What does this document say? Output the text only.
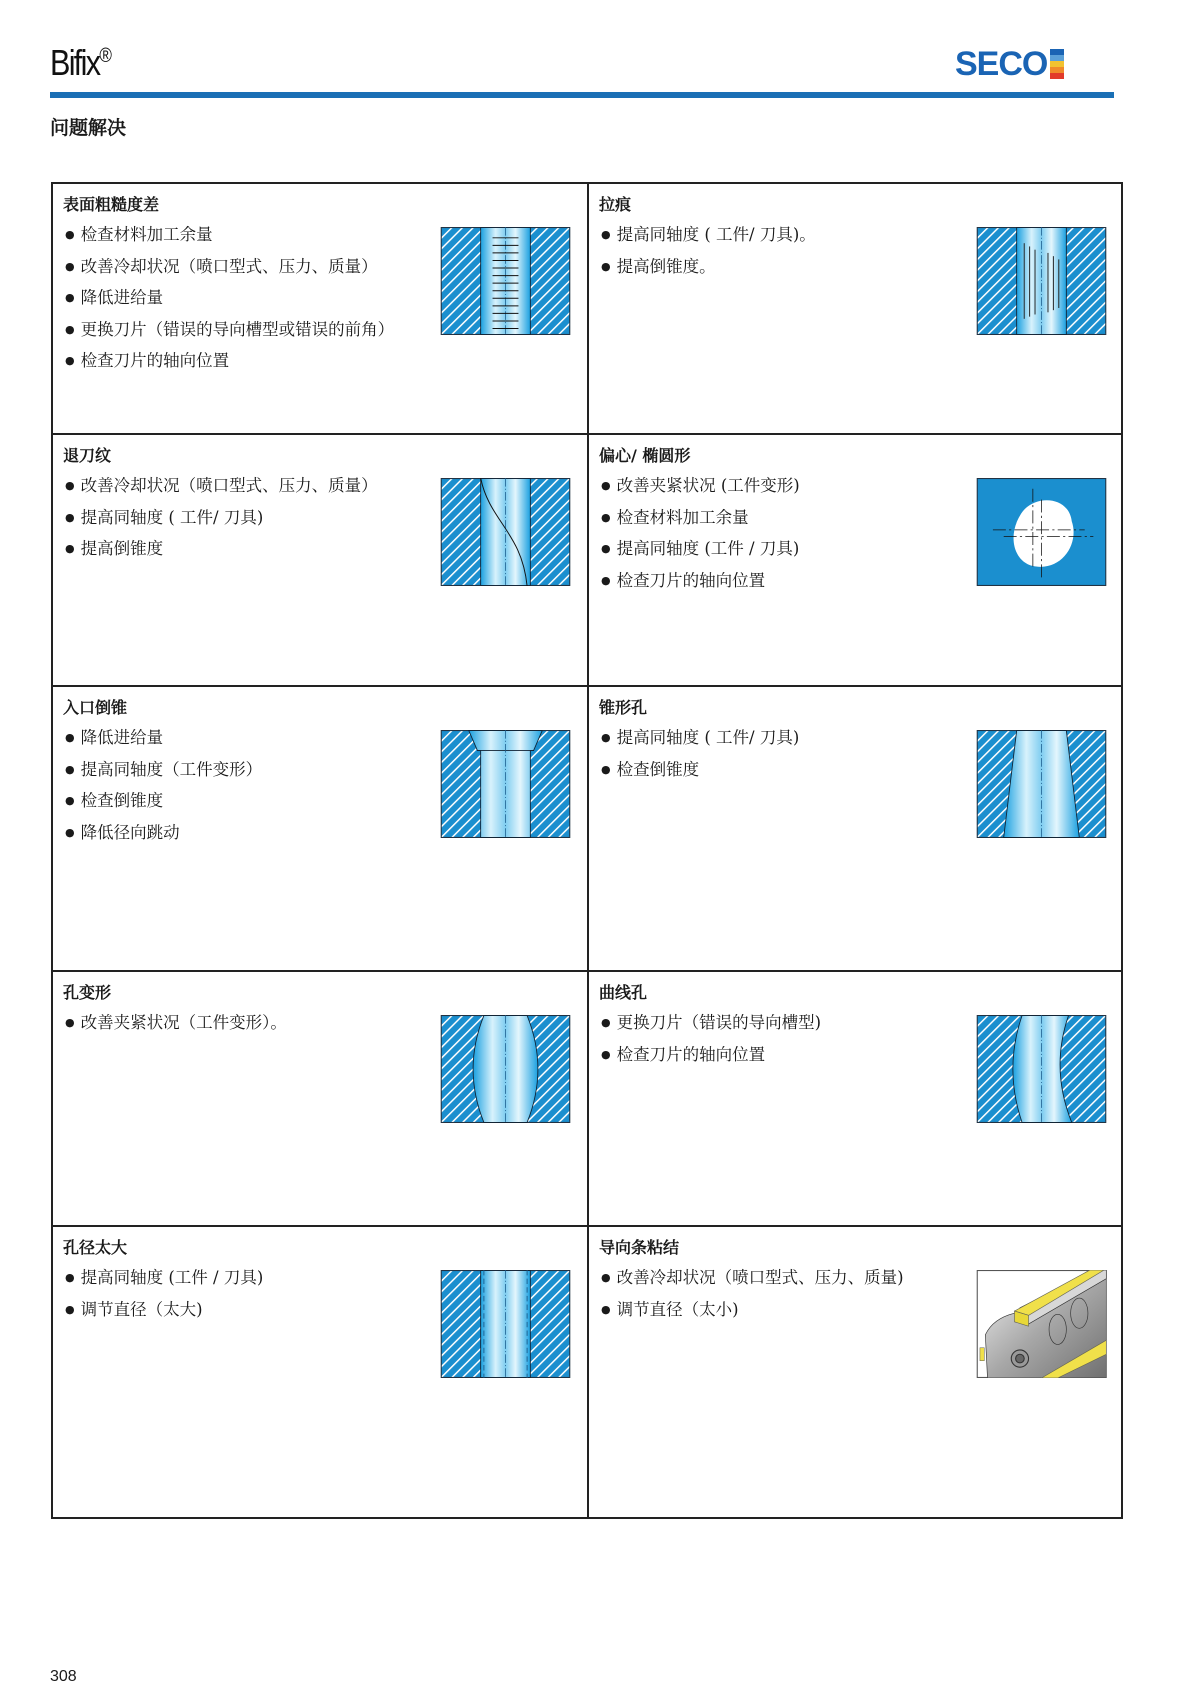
Bifix®	SECO
问题解决
表面粗糙度差
● 检查材料加工余量
● 改善冷却状况（喷口型式、压力、质量）
● 降低进给量
● 更换刀片（错误的导向槽型或错误的前角）
● 检查刀片的轴向位置
拉痕
● 提高同轴度 ( 工件/ 刀具)。
● 提高倒锥度。
退刀纹
● 改善冷却状况（喷口型式、压力、质量）
● 提高同轴度 ( 工件/ 刀具)
● 提高倒锥度
偏心/ 椭圆形
● 改善夹紧状况 (工件变形)
● 检查材料加工余量
● 提高同轴度 (工件 / 刀具)
● 检查刀片的轴向位置
入口倒锥
● 降低进给量
● 提高同轴度（工件变形）
● 检查倒锥度
● 降低径向跳动
锥形孔
● 提高同轴度 ( 工件/ 刀具)
● 检查倒锥度
孔变形
● 改善夹紧状况（工件变形）。
曲线孔
● 更换刀片（错误的导向槽型)
● 检查刀片的轴向位置
孔径太大
● 提高同轴度 (工件 / 刀具)
● 调节直径（太大)
导向条粘结
● 改善冷却状况（喷口型式、压力、质量)
● 调节直径（太小)
308
